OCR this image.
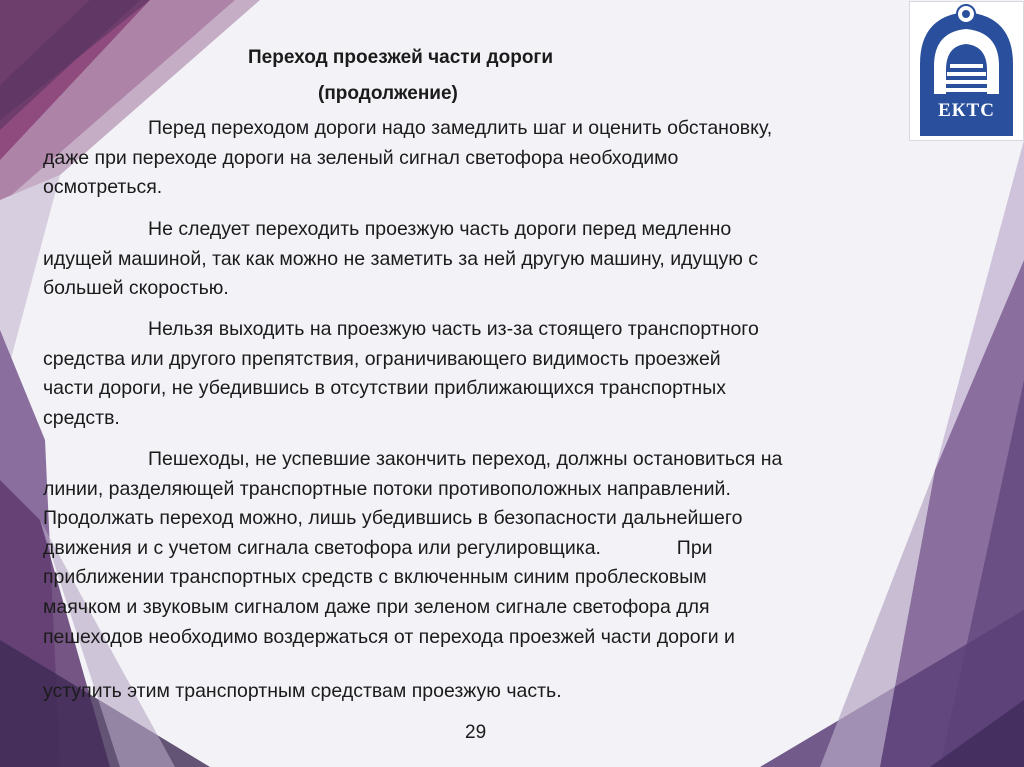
Переход проезжей части дороги

(продолжение)

Перед переходом дороги надо замедлить шаг и оценить обстановку,
даже при переходе дороги на зеленый сигнал светофора необходимо
осмотреться.
Не следует переходить проезжую часть дороги перед медленно
идущей машиной, так как можно не заметить за ней другую машину, идущую с
большей скоростью.
Нельзя выходить на проезжую часть из-за стоящего транспортного
средства или другого препятствия, ограничивающего видимость проезжей
части дороги, не убедившись в отсутствии приближающихся транспортных
средств.
Пешеходы, не успевшие закончить переход, должны остановиться на
линии, разделяющей транспортные потоки противоположных направлений.
Продолжать переход можно, лишь убедившись в безопасности дальнейшего
движения и с учетом сигнала светофора или регулировщика.              При
приближении транспортных средств с включенным синим проблесковым
маячком и звуковым сигналом даже при зеленом сигнале светофора для
пешеходов необходимо воздержаться от перехода проезжей части дороги и
уступить этим транспортным средствам проезжую часть.

29

ЕКТС
